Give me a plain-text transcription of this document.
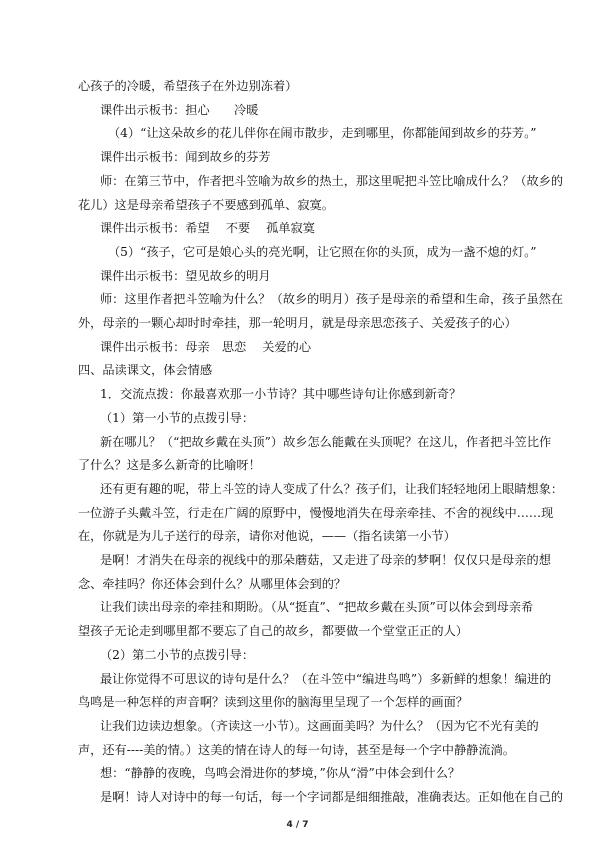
心孩子的冷暖，希望孩子在外边别冻着）
课件出示板书：担心　　冷暖
（4）“让这朵故乡的花儿伴你在闹市散步，走到哪里，你都能闻到故乡的芬芳。”
课件出示板书：闻到故乡的芬芳
师：在第三节中，作者把斗笠喻为故乡的热土，那这里呢把斗笠比喻成什么？（故乡的
花儿）这是母亲希望孩子不要感到孤单、寂寞。
课件出示板书：希望　 不要　 孤单寂寞
（5）“孩子，它可是娘心头的亮光啊，让它照在你的头顶，成为一盏不熄的灯。”
课件出示板书：望见故乡的明月
师：这里作者把斗笠喻为什么？（故乡的明月）孩子是母亲的希望和生命，孩子虽然在
外，母亲的一颗心却时时牵挂，那一轮明月，就是母亲思恋孩子、关爱孩子的心）
课件出示板书：母亲　思恋　 关爱的心
四、品读课文，体会情感
1．交流点拨：你最喜欢那一小节诗？其中哪些诗句让你感到新奇？
（1）第一小节的点拨引导：
新在哪儿？（“把故乡戴在头顶”）故乡怎么能戴在头顶呢？在这儿，作者把斗笠比作
了什么？这是多么新奇的比喻呀！
还有更有趣的呢，带上斗笠的诗人变成了什么？孩子们，让我们轻轻地闭上眼睛想象：
一位游子头戴斗笠，行走在广阔的原野中，慢慢地消失在母亲牵挂、不舍的视线中……现
在，你就是为儿子送行的母亲，请你对他说，——（指名读第一小节）
是啊！才消失在母亲的视线中的那朵蘑菇，又走进了母亲的梦啊！仅仅只是母亲的想
念、牵挂吗？你还体会到什么？从哪里体会到的？
让我们读出母亲的牵挂和期盼。（从“挺直”、“把故乡戴在头顶”可以体会到母亲希
望孩子无论走到哪里都不要忘了自己的故乡，都要做一个堂堂正正的人）
（2）第二小节的点拨引导：
最让你觉得不可思议的诗句是什么？（在斗笠中“编进鸟鸣”）多新鲜的想象！编进的
鸟鸣是一种怎样的声音啊？读到这里你的脑海里呈现了一个怎样的画面？
让我们边读边想象。（齐读这一小节）。这画面美吗？为什么？（因为它不光有美的
声，还有----美的情。）这美的情在诗人的每一句诗，甚至是每一个字中静静流淌。
想：“静静的夜晚，鸟鸣会滑进你的梦境，”你从“滑”中体会到什么？
是啊！诗人对诗中的每一句话，每一个字词都是细细推敲，准确表达。正如他在自己的
4 / 7
